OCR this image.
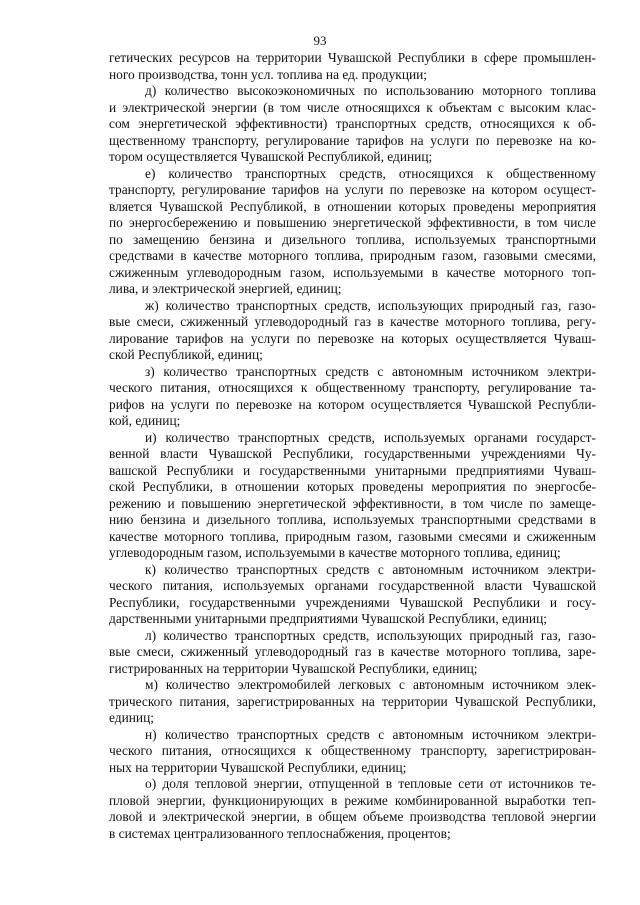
93
гетических ресурсов на территории Чувашской Республики в сфере промышлен-
ного производства, тонн усл. топлива на ед. продукции;
д) количество высокоэкономичных по использованию моторного топлива
и электрической энергии (в том числе относящихся к объектам с высоким клас-
сом энергетической эффективности) транспортных средств, относящихся к об-
щественному транспорту, регулирование тарифов на услуги по перевозке на ко-
тором осуществляется Чувашской Республикой, единиц;
е) количество транспортных средств, относящихся к общественному
транспорту, регулирование тарифов на услуги по перевозке на котором осущест-
вляется Чувашской Республикой, в отношении которых проведены мероприятия
по энергосбережению и повышению энергетической эффективности, в том числе
по замещению бензина и дизельного топлива, используемых транспортными
средствами в качестве моторного топлива, природным газом, газовыми смесями,
сжиженным углеводородным газом, используемыми в качестве моторного топ-
лива, и электрической энергией, единиц;
ж) количество транспортных средств, использующих природный газ, газо-
вые смеси, сжиженный углеводородный газ в качестве моторного топлива, регу-
лирование тарифов на услуги по перевозке на которых осуществляется Чуваш-
ской Республикой, единиц;
з) количество транспортных средств с автономным источником электри-
ческого питания, относящихся к общественному транспорту, регулирование та-
рифов на услуги по перевозке на котором осуществляется Чувашской Республи-
кой, единиц;
и) количество транспортных средств, используемых органами государст-
венной власти Чувашской Республики, государственными учреждениями Чу-
вашской Республики и государственными унитарными предприятиями Чуваш-
ской Республики, в отношении которых проведены мероприятия по энергосбе-
режению и повышению энергетической эффективности, в том числе по замеще-
нию бензина и дизельного топлива, используемых транспортными средствами в
качестве моторного топлива, природным газом, газовыми смесями и сжиженным
углеводородным газом, используемыми в качестве моторного топлива, единиц;
к) количество транспортных средств с автономным источником электри-
ческого питания, используемых органами государственной власти Чувашской
Республики, государственными учреждениями Чувашской Республики и госу-
дарственными унитарными предприятиями Чувашской Республики, единиц;
л) количество транспортных средств, использующих природный газ, газо-
вые смеси, сжиженный углеводородный газ в качестве моторного топлива, заре-
гистрированных на территории Чувашской Республики, единиц;
м) количество электромобилей легковых с автономным источником элек-
трического питания, зарегистрированных на территории Чувашской Республики,
единиц;
н) количество транспортных средств с автономным источником электри-
ческого питания, относящихся к общественному транспорту, зарегистрирован-
ных на территории Чувашской Республики, единиц;
о) доля тепловой энергии, отпущенной в тепловые сети от источников те-
пловой энергии, функционирующих в режиме комбинированной выработки теп-
ловой и электрической энергии, в общем объеме производства тепловой энергии
в системах централизованного теплоснабжения, процентов;
